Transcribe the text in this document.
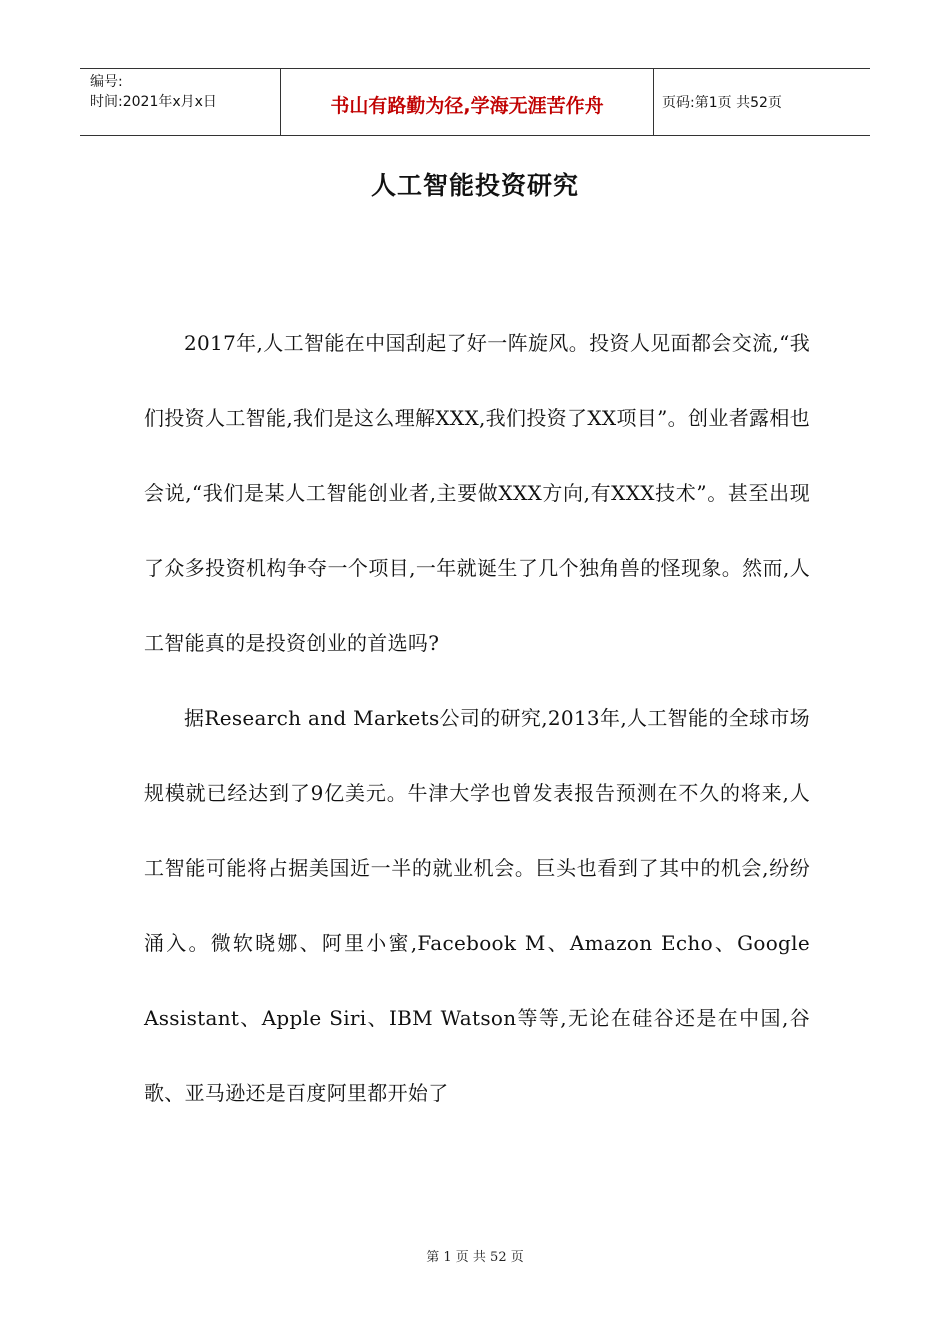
编号:
时间:2021年x月x日	书山有路勤为径,学海无涯苦作舟	页码:第1页 共52页
人工智能投资研究

2017年,人工智能在中国刮起了好一阵旋风。投资人见面都会交流,“我们投资人工智能,我们是这么理解XXX,我们投资了XX项目”。创业者露相也会说,“我们是某人工智能创业者,主要做XXX方向,有XXX技术”。甚至出现了众多投资机构争夺一个项目,一年就诞生了几个独角兽的怪现象。然而,人工智能真的是投资创业的首选吗?

据Research and Markets公司的研究,2013年,人工智能的全球市场规模就已经达到了9亿美元。牛津大学也曾发表报告预测在不久的将来,人工智能可能将占据美国近一半的就业机会。巨头也看到了其中的机会,纷纷涌入。微软晓娜、阿里小蜜,Facebook M、Amazon Echo、Google Assistant、Apple Siri、IBM Watson等等,无论在硅谷还是在中国,谷歌、亚马逊还是百度阿里都开始了

第 1 页 共 52 页
